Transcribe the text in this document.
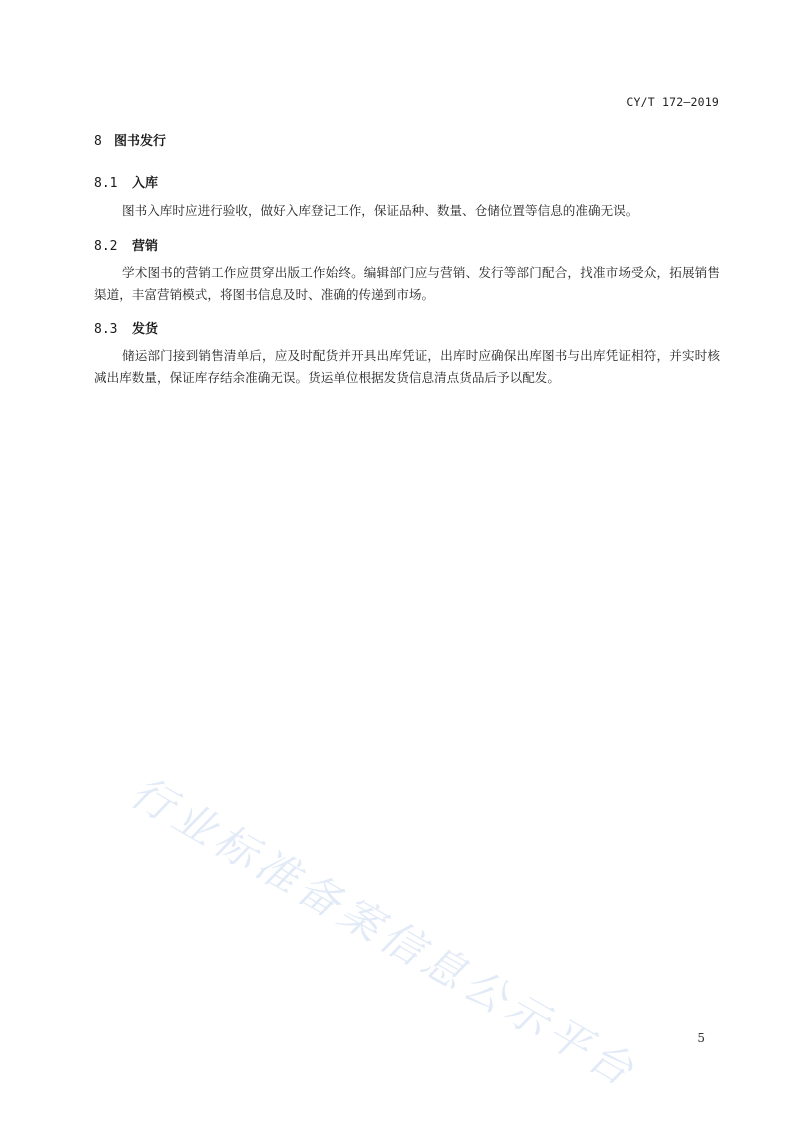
CY/T 172—2019
8 图书发行
8.1 入库
图书入库时应进行验收，做好入库登记工作，保证品种、数量、仓储位置等信息的准确无误。
8.2 营销
学术图书的营销工作应贯穿出版工作始终。编辑部门应与营销、发行等部门配合，找准市场受众，拓展销售渠道，丰富营销模式，将图书信息及时、准确的传递到市场。
8.3 发货
储运部门接到销售清单后，应及时配货并开具出库凭证，出库时应确保出库图书与出库凭证相符，并实时核减出库数量，保证库存结余准确无误。货运单位根据发货信息清点货品后予以配发。
行业标准备案信息公示平台	5
